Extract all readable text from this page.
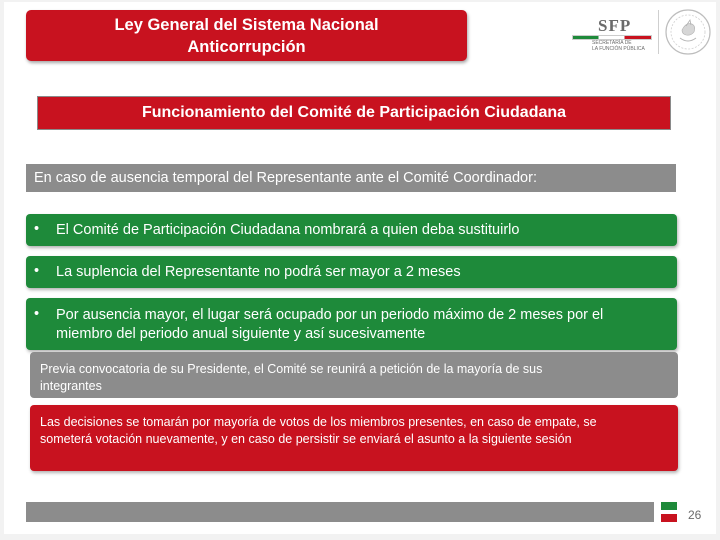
Ley General del Sistema Nacional
Anticorrupción
SFP
SECRETARÍA DE
LA FUNCIÓN PÚBLICA
Funcionamiento del Comité de Participación Ciudadana
En caso de ausencia temporal del Representante ante el Comité Coordinador:
•	El Comité de Participación Ciudadana nombrará a quien deba sustituirlo
•	La suplencia del Representante no podrá ser mayor a 2 meses
•	Por ausencia mayor, el lugar será ocupado por un periodo máximo de 2 meses por el
miembro del periodo anual siguiente y así sucesivamente
Previa convocatoria de su Presidente, el Comité se reunirá a petición de la mayoría de sus
integrantes
Las decisiones se tomarán por mayoría de votos de los miembros presentes, en caso de empate, se
someterá votación nuevamente, y en caso de persistir se enviará el asunto a la siguiente sesión
26
